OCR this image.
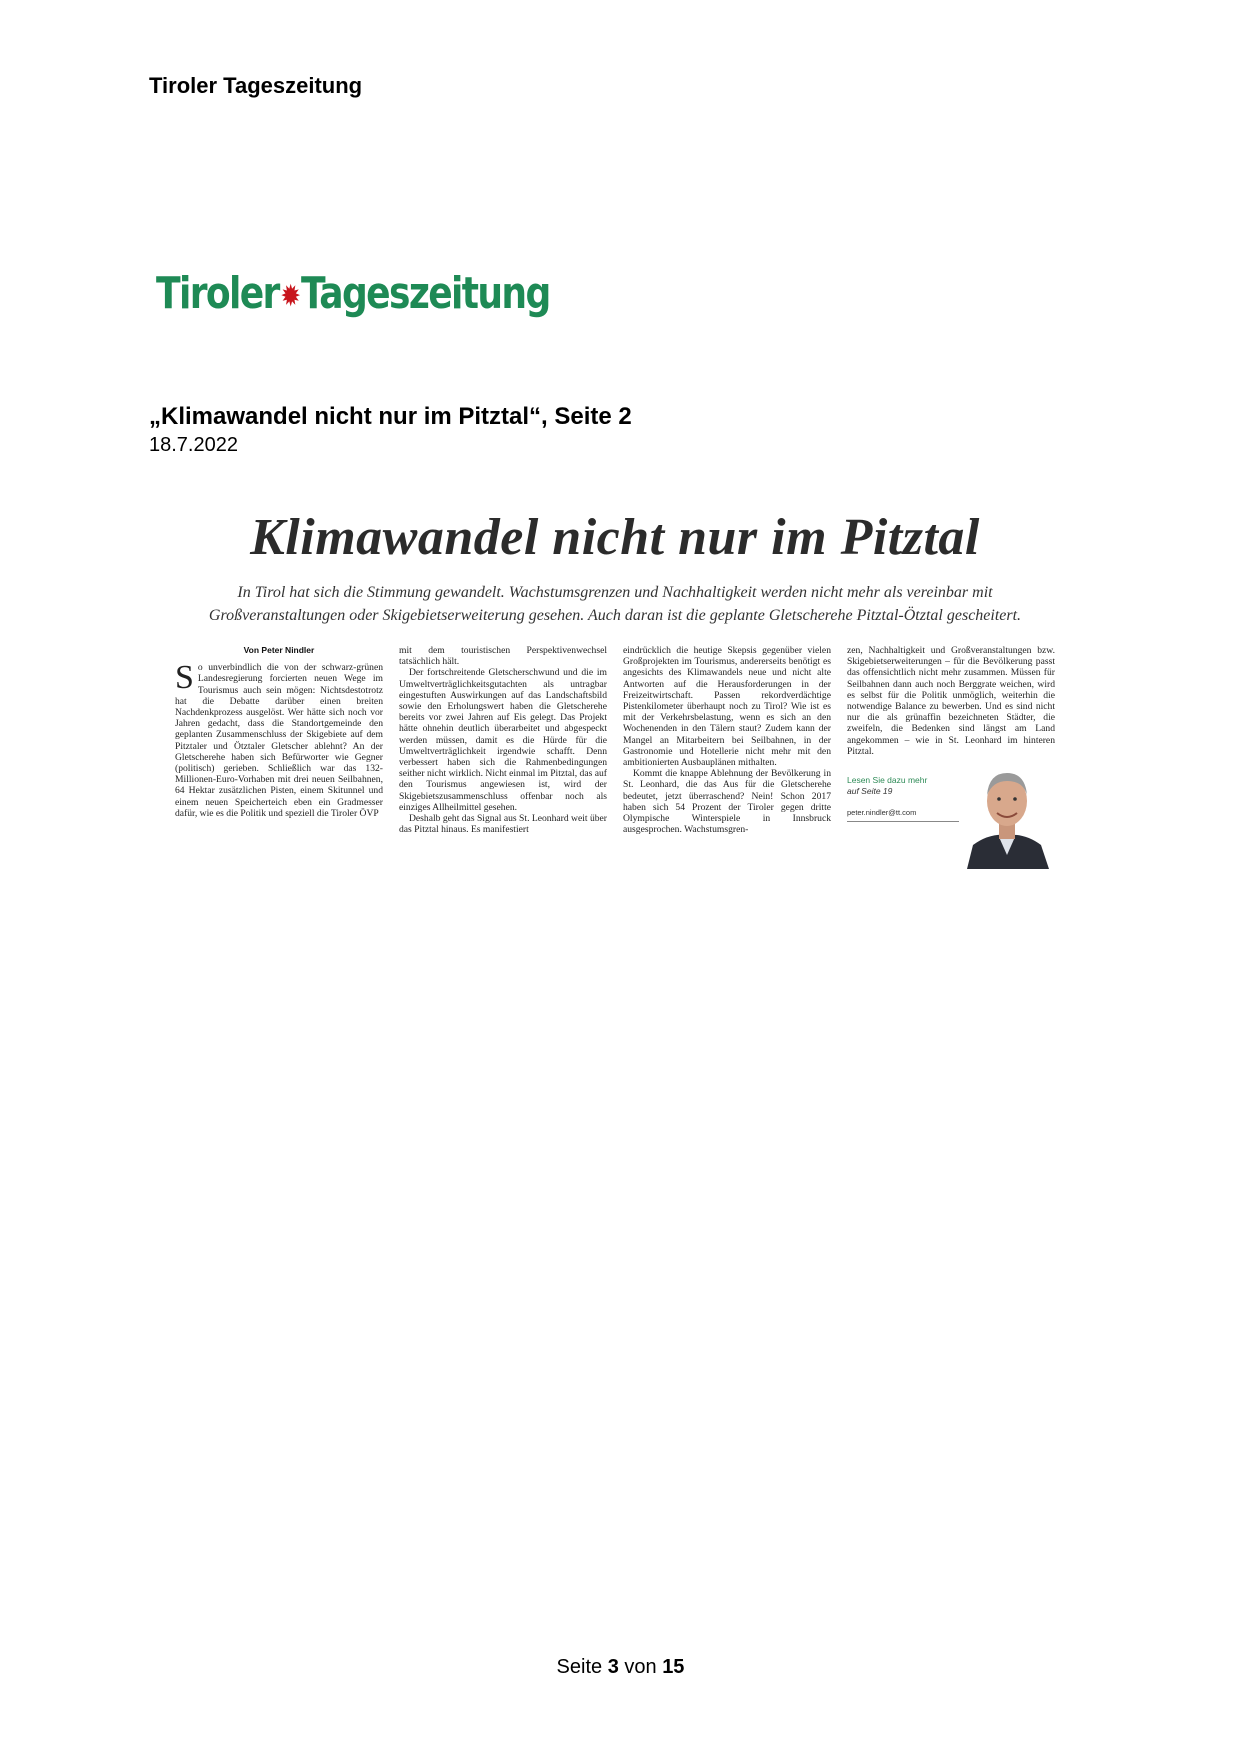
Tiroler Tageszeitung
Tiroler✹Tageszeitung
„Klimawandel nicht nur im Pitztal“, Seite 2
18.7.2022
Klimawandel nicht nur im Pitztal

In Tirol hat sich die Stimmung gewandelt. Wachstumsgrenzen und Nachhaltigkeit werden nicht mehr als vereinbar mit Großveranstaltungen oder Skigebietserweiterung gesehen. Auch daran ist die geplante Gletscherehe Pitztal-Ötztal gescheitert.

Von Peter Nindler

So unverbindlich die von der schwarz-grünen Landesregierung forcierten neuen Wege im Tourismus auch sein mögen: Nichtsdestotrotz hat die Debatte darüber einen breiten Nachdenkprozess ausgelöst. Wer hätte sich noch vor Jahren gedacht, dass die Standortgemeinde den geplanten Zusammenschluss der Skigebiete auf dem Pitztaler und Ötztaler Gletscher ablehnt? An der Gletscherehe haben sich Befürworter wie Gegner (politisch) gerieben. Schließlich war das 132-Millionen-Euro-Vorhaben mit drei neuen Seilbahnen, 64 Hektar zusätzlichen Pisten, einem Skitunnel und einem neuen Speicherteich eben ein Gradmesser dafür, wie es die Politik und speziell die Tiroler ÖVP

mit dem touristischen Perspektivenwechsel tatsächlich hält.

Der fortschreitende Gletscherschwund und die im Umweltverträglichkeitsgutachten als untragbar eingestuften Auswirkungen auf das Landschaftsbild sowie den Erholungswert haben die Gletscherehe bereits vor zwei Jahren auf Eis gelegt. Das Projekt hätte ohnehin deutlich überarbeitet und abgespeckt werden müssen, damit es die Hürde für die Umweltverträglichkeit irgendwie schafft. Denn verbessert haben sich die Rahmenbedingungen seither nicht wirklich. Nicht einmal im Pitztal, das auf den Tourismus angewiesen ist, wird der Skigebietszusammenschluss offenbar noch als einziges Allheilmittel gesehen.

Deshalb geht das Signal aus St. Leonhard weit über das Pitztal hinaus. Es manifestiert

eindrücklich die heutige Skepsis gegenüber vielen Großprojekten im Tourismus, andererseits benötigt es angesichts des Klimawandels neue und nicht alte Antworten auf die Herausforderungen in der Freizeitwirtschaft. Passen rekordverdächtige Pistenkilometer überhaupt noch zu Tirol? Wie ist es mit der Verkehrsbelastung, wenn es sich an den Wochenenden in den Tälern staut? Zudem kann der Mangel an Mitarbeitern bei Seilbahnen, in der Gastronomie und Hotellerie nicht mehr mit den ambitionierten Ausbauplänen mithalten.

Kommt die knappe Ablehnung der Bevölkerung in St. Leonhard, die das Aus für die Gletscherehe bedeutet, jetzt überraschend? Nein! Schon 2017 haben sich 54 Prozent der Tiroler gegen dritte Olympische Winterspiele in Innsbruck ausgesprochen. Wachstumsgren-

zen, Nachhaltigkeit und Großveranstaltungen bzw. Skigebietserweiterungen – für die Bevölkerung passt das offensichtlich nicht mehr zusammen. Müssen für Seilbahnen dann auch noch Berggrate weichen, wird es selbst für die Politik unmöglich, weiterhin die notwendige Balance zu bewerben. Und es sind nicht nur die als grünaffin bezeichneten Städter, die zweifeln, die Bedenken sind längst am Land angekommen – wie in St. Leonhard im hinteren Pitztal.

Lesen Sie dazu mehr
auf Seite 19
peter.nindler@tt.com
Seite 3 von 15
